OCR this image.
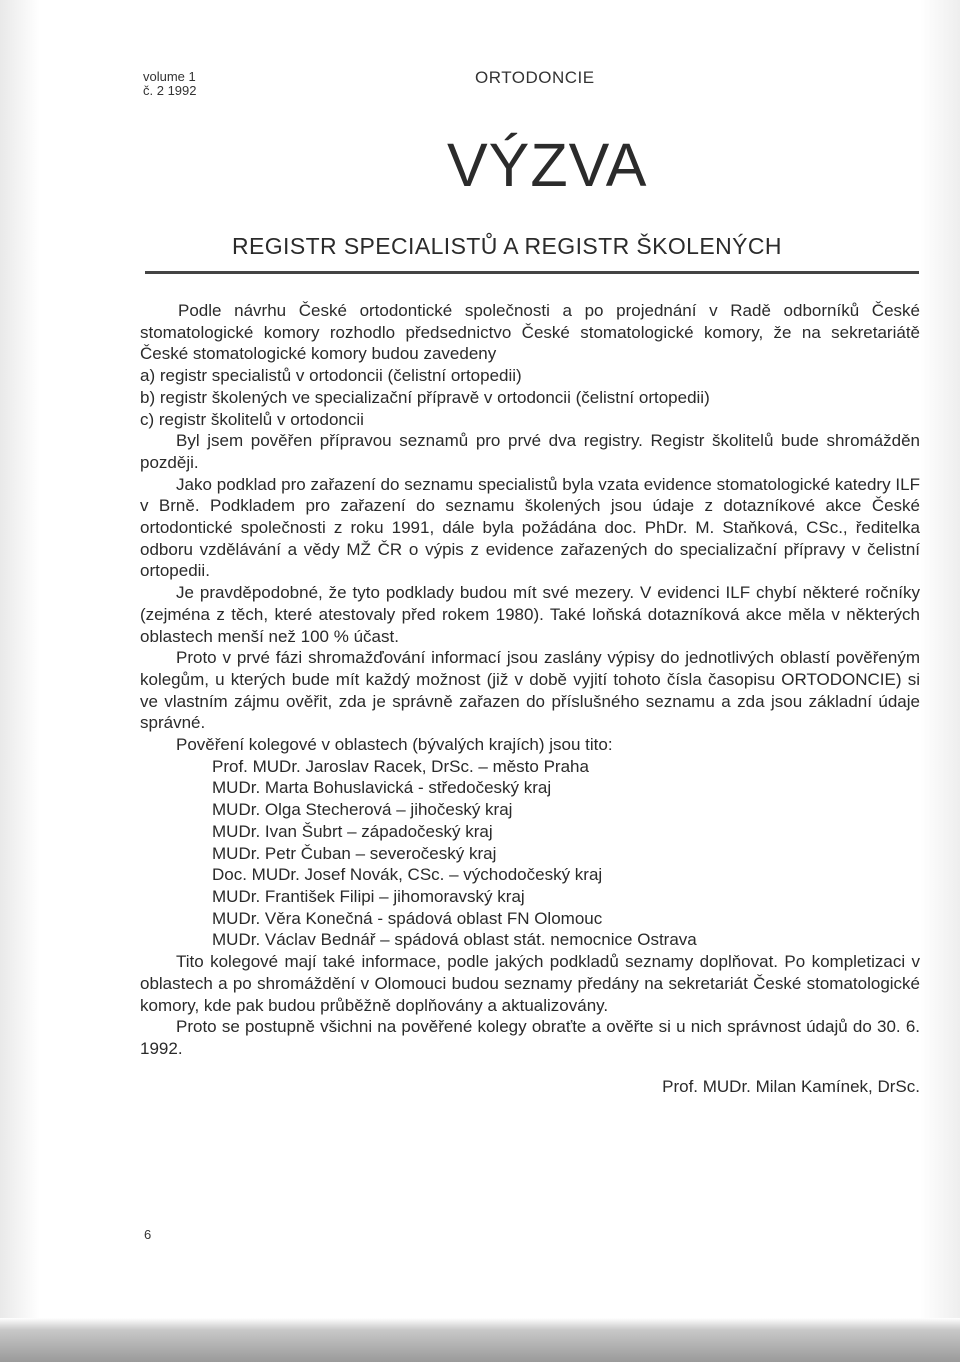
volume 1
č. 2 1992
ORTODONCIE
VÝZVA
REGISTR SPECIALISTŮ A REGISTR ŠKOLENÝCH

Podle návrhu České ortodontické společnosti a po projednání v Radě odborníků České stomatologické komory rozhodlo předsednictvo České stomatologické komory, že na sekretariátě České stomatologické komory budou zavedeny

a) registr specialistů v ortodoncii (čelistní ortopedii)

b) registr školených ve specializační přípravě v ortodoncii (čelistní ortopedii)

c) registr školitelů v ortodoncii

Byl jsem pověřen přípravou seznamů pro prvé dva registry. Registr školitelů bude shromážděn později.

Jako podklad pro zařazení do seznamu specialistů byla vzata evidence stomatologické katedry ILF v Brně. Podkladem pro zařazení do seznamu školených jsou údaje z dotazníkové akce České ortodontické společnosti z roku 1991, dále byla požádána doc. PhDr. M. Staňková, CSc., ředitelka odboru vzdělávání a vědy MŽ ČR o výpis z evidence zařazených do specializační přípravy v čelistní ortopedii.

Je pravděpodobné, že tyto podklady budou mít své mezery. V evidenci ILF chybí některé ročníky (zejména z těch, které atestovaly před rokem 1980). Také loňská dotazníková akce měla v některých oblastech menší než 100 % účast.

Proto v prvé fázi shromažďování informací jsou zaslány výpisy do jednotlivých oblastí pověřeným kolegům, u kterých bude mít každý možnost (již v době vyjití tohoto čísla časopisu ORTODONCIE) si ve vlastním zájmu ověřit, zda je správně zařazen do příslušného seznamu a zda jsou základní údaje správné.

Pověření kolegové v oblastech (bývalých krajích) jsou tito:

Prof. MUDr. Jaroslav Racek, DrSc. – město Praha
MUDr. Marta Bohuslavická - středočeský kraj
MUDr. Olga Stecherová – jihočeský kraj
MUDr. Ivan Šubrt – západočeský kraj
MUDr. Petr Čuban – severočeský kraj
Doc. MUDr. Josef Novák, CSc. – východočeský kraj
MUDr. František Filipi – jihomoravský kraj
MUDr. Věra Konečná - spádová oblast FN Olomouc
MUDr. Václav Bednář – spádová oblast stát. nemocnice Ostrava

Tito kolegové mají také informace, podle jakých podkladů seznamy doplňovat. Po kompletizaci v oblastech a po shromáždění v Olomouci budou seznamy předány na sekretariát České stomatologické komory, kde pak budou průběžně doplňovány a aktualizovány.

Proto se postupně všichni na pověřené kolegy obraťte a ověřte si u nich správnost údajů do 30. 6. 1992.

Prof. MUDr. Milan Kamínek, DrSc.
6
